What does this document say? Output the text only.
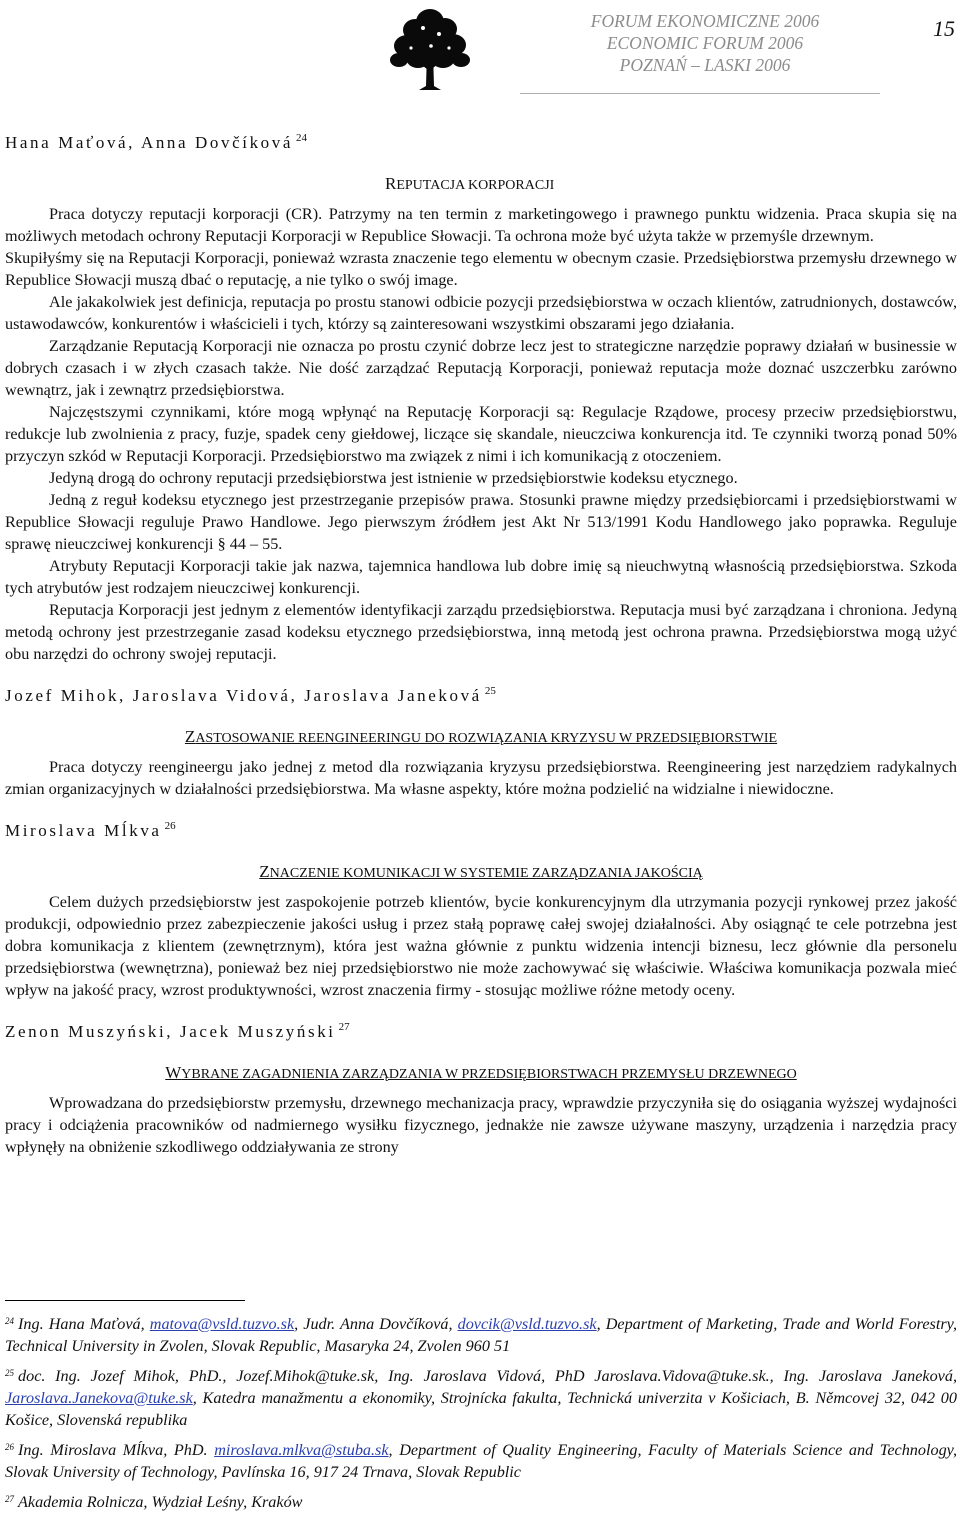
FORUM EKONOMICZNE 2006
ECONOMIC FORUM 2006
POZNAŃ – LASKI 2006
15

Hana Maťová, Anna Dovčíková $^{24}$

REPUTACJA KORPORACJI

Praca dotyczy reputacji korporacji (CR). Patrzymy na ten termin z marketingowego i prawnego punktu widzenia. Praca skupia się na możliwych metodach ochrony Reputacji Korporacji w Republice Słowacji. Ta ochrona może być użyta także w przemyśle drzewnym.

Skupiłyśmy się na Reputacji Korporacji, ponieważ wzrasta znaczenie tego elementu w obecnym czasie. Przedsiębiorstwa przemysłu drzewnego w Republice Słowacji muszą dbać o reputację, a nie tylko o swój image.

Ale jakakolwiek jest definicja, reputacja po prostu stanowi odbicie pozycji przedsiębiorstwa w oczach klientów, zatrudnionych, dostawców, ustawodawców, konkurentów i właścicieli i tych, którzy są zainteresowani wszystkimi obszarami jego działania.

Zarządzanie Reputacją Korporacji nie oznacza po prostu czynić dobrze lecz jest to strategiczne narzędzie poprawy działań w businessie w dobrych czasach i w złych czasach także. Nie dość zarządzać Reputacją Korporacji, ponieważ reputacja może doznać uszczerbku zarówno wewnątrz, jak i zewnątrz przedsiębiorstwa.

Najczęstszymi czynnikami, które mogą wpłynąć na Reputację Korporacji są: Regulacje Rządowe, procesy przeciw przedsiębiorstwu, redukcje lub zwolnienia z pracy, fuzje, spadek ceny giełdowej, liczące się skandale, nieuczciwa konkurencja itd. Te czynniki tworzą ponad 50% przyczyn szkód w Reputacji Korporacji. Przedsiębiorstwo ma związek z nimi i ich komunikacją z otoczeniem.

Jedyną drogą do ochrony reputacji przedsiębiorstwa jest istnienie w przedsiębiorstwie kodeksu etycznego.

Jedną z reguł kodeksu etycznego jest przestrzeganie przepisów prawa. Stosunki prawne między przedsiębiorcami i przedsiębiorstwami w Republice Słowacji reguluje Prawo Handlowe. Jego pierwszym źródłem jest Akt Nr 513/1991 Kodu Handlowego jako poprawka. Reguluje sprawę nieuczciwej konkurencji § 44 – 55.

Atrybuty Reputacji Korporacji takie jak nazwa, tajemnica handlowa lub dobre imię są nieuchwytną własnością przedsiębiorstwa. Szkoda tych atrybutów jest rodzajem nieuczciwej konkurencji.

Reputacja Korporacji jest jednym z elementów identyfikacji zarządu przedsiębiorstwa. Reputacja musi być zarządzana i chroniona. Jedyną metodą ochrony jest przestrzeganie zasad kodeksu etycznego przedsiębiorstwa, inną metodą jest ochrona prawna. Przedsiębiorstwa mogą użyć obu narzędzi do ochrony swojej reputacji.

Jozef Mihok, Jaroslava Vidová, Jaroslava Janeková $^{25}$

ZASTOSOWANIE REENGINEERINGU DO ROZWIĄZANIA KRYZYSU W PRZEDSIĘBIORSTWIE

Praca dotyczy reengineergu jako jednej z metod dla rozwiązania kryzysu przedsiębiorstwa. Reengineering jest narzędziem radykalnych zmian organizacyjnych w działalności przedsiębiorstwa. Ma własne aspekty, które można podzielić na widzialne i niewidoczne.

Miroslava Mĺkva $^{26}$

ZNACZENIE KOMUNIKACJI W SYSTEMIE ZARZĄDZANIA JAKOŚCIĄ

Celem dużych przedsiębiorstw jest zaspokojenie potrzeb klientów, bycie konkurencyjnym dla utrzymania pozycji rynkowej przez jakość produkcji, odpowiednio przez zabezpieczenie jakości usług i przez stałą poprawę całej swojej działalności. Aby osiągnąć te cele potrzebna jest dobra komunikacja z klientem (zewnętrznym), która jest ważna głównie z punktu widzenia intencji biznesu, lecz głównie dla personelu przedsiębiorstwa (wewnętrzna), ponieważ bez niej przedsiębiorstwo nie może zachowywać się właściwie. Właściwa komunikacja pozwala mieć wpływ na jakość pracy, wzrost produktywności, wzrost znaczenia firmy - stosując możliwe różne metody oceny.

Zenon Muszyński, Jacek Muszyński $^{27}$

WYBRANE ZAGADNIENIA ZARZĄDZANIA W PRZEDSIĘBIORSTWACH PRZEMYSŁU DRZEWNEGO

Wprowadzana do przedsiębiorstw przemysłu, drzewnego mechanizacja pracy, wprawdzie przyczyniła się do osiągania wyższej wydajności pracy i odciążenia pracowników od nadmiernego wysiłku fizycznego, jednakże nie zawsze używane maszyny, urządzenia i narzędzia pracy wpłynęły na obniżenie szkodliwego oddziaływania ze strony

$^{24}$ Ing. Hana Maťová, matova@vsld.tuzvo.sk, Judr. Anna Dovčíková, dovcik@vsld.tuzvo.sk, Department of Marketing, Trade and World Forestry, Technical University in Zvolen, Slovak Republic, Masaryka 24, Zvolen 960 51

$^{25}$ doc. Ing. Jozef Mihok, PhD., Jozef.Mihok@tuke.sk, Ing. Jaroslava Vidová, PhD Jaroslava.Vidova@tuke.sk., Ing. Jaroslava Janeková, Jaroslava.Janekova@tuke.sk, Katedra manažmentu a ekonomiky, Strojnícka fakulta, Technická univerzita v Košiciach, B. Němcovej 32, 042 00 Košice, Slovenská republika

$^{26}$ Ing. Miroslava Mĺkva, PhD. miroslava.mlkva@stuba.sk, Department of Quality Engineering, Faculty of Materials Science and Technology, Slovak University of Technology, Pavlínska 16, 917 24 Trnava, Slovak Republic

$^{27}$ Akademia Rolnicza, Wydział Leśny, Kraków
